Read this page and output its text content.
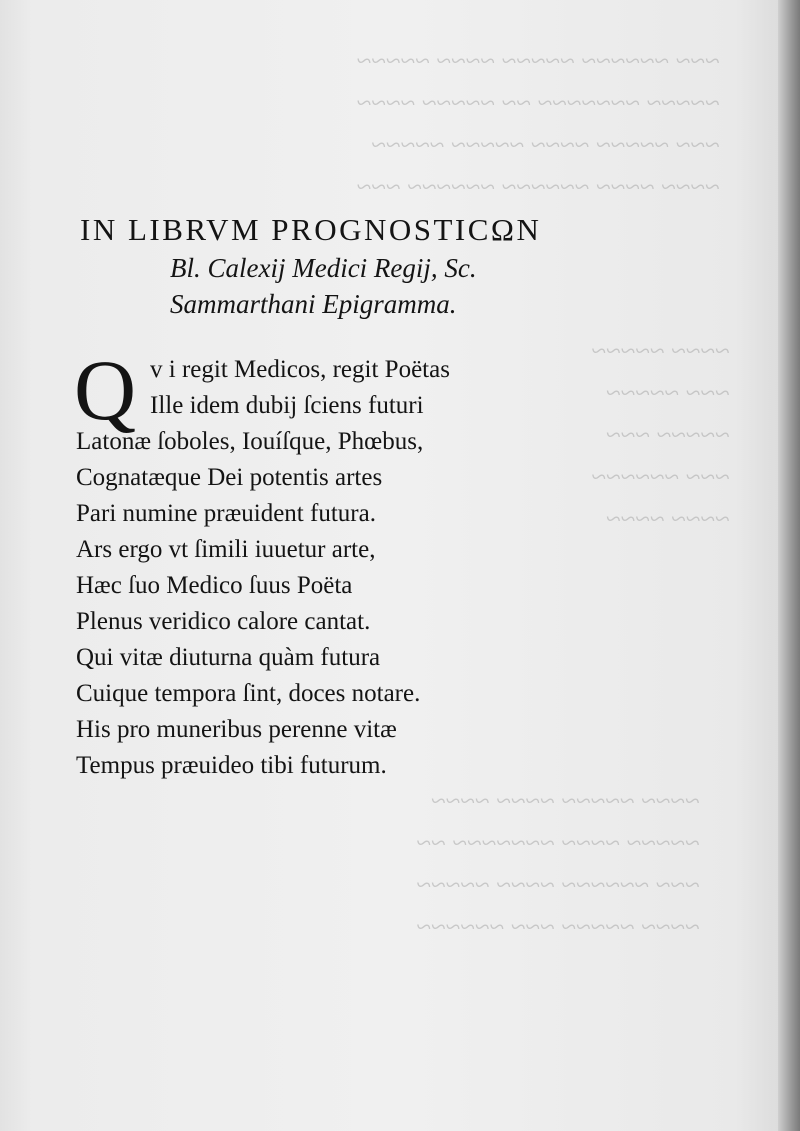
~~~ ~~~~~~ ~~~~~ ~~~~ ~~~~~
~~~~~ ~~~~~~~ ~~ ~~~~~ ~~~~
~~~ ~~~~~ ~~~~ ~~~~~ ~~~~~
~~~~ ~~~~ ~~~~~~ ~~~~~~ ~~~
~~~~ ~~~~~
~~~ ~~~~~
~~~~~ ~~~
~~~ ~~~~~~
~~~~ ~~~~
~~~~ ~~~~~ ~~~~ ~~~~
~~~~~ ~~~~ ~~~~~~~ ~~
~~~ ~~~~~~ ~~~~ ~~~~~
~~~~ ~~~~~ ~~~ ~~~~~~
IN LIBRVM PROGNOSTICΩN
Bl. Calexij Medici Regij, Sc. Sammarthani Epigramma.
Q v i regit Medicos, regit Poëtas
Ille idem dubij ſciens futuri
Latonæ ſoboles, Iouíſque, Phœbus,
Cognatæque Dei potentis artes
Pari numine præuident futura.
Ars ergo vt ſimili iuuetur arte,
Hæc ſuo Medico ſuus Poëta
Plenus veridico calore cantat.
Qui vitæ diuturna quàm futura
Cuique tempora ſint, doces notare.
His pro muneribus perenne vitæ
Tempus præuideo tibi futurum.
